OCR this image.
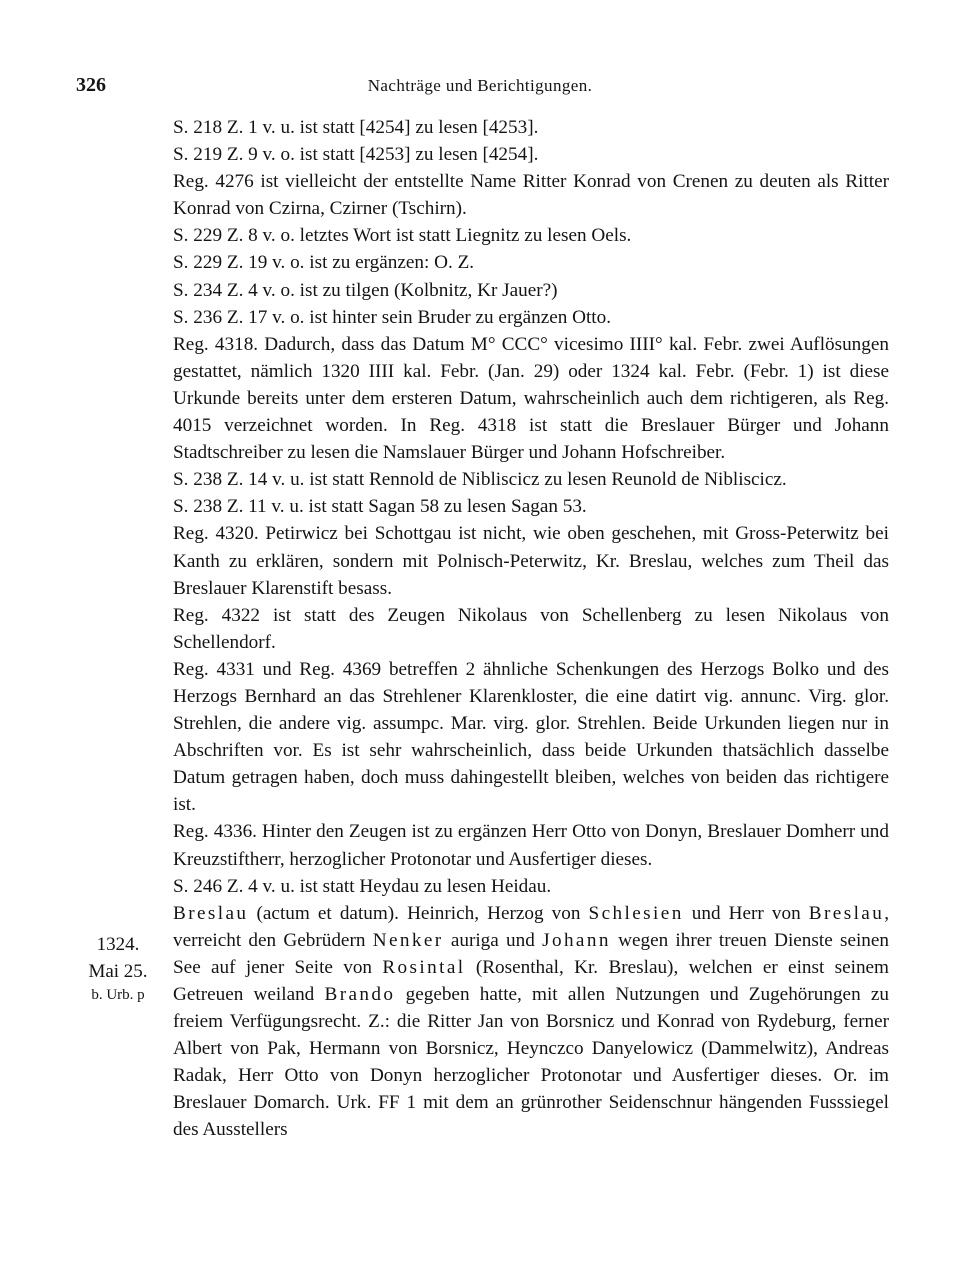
326	Nachträge und Berichtigungen.
S. 218 Z. 1 v. u. ist statt [4254] zu lesen [4253].
S. 219 Z. 9 v. o. ist statt [4253] zu lesen [4254].
Reg. 4276 ist vielleicht der entstellte Name Ritter Konrad von Crenen zu deuten als Ritter Konrad von Czirna, Czirner (Tschirn).
S. 229 Z. 8 v. o. letztes Wort ist statt Liegnitz zu lesen Oels.
S. 229 Z. 19 v. o. ist zu ergänzen: O. Z.
S. 234 Z. 4 v. o. ist zu tilgen (Kolbnitz, Kr Jauer?)
S. 236 Z. 17 v. o. ist hinter sein Bruder zu ergänzen Otto.
Reg. 4318. Dadurch, dass das Datum M° CCC° vicesimo IIII° kal. Febr. zwei Auflösungen gestattet, nämlich 1320 IIII kal. Febr. (Jan. 29) oder 1324 kal. Febr. (Febr. 1) ist diese Urkunde bereits unter dem ersteren Datum, wahrscheinlich auch dem richtigeren, als Reg. 4015 verzeichnet worden. In Reg. 4318 ist statt die Breslauer Bürger und Johann Stadtschreiber zu lesen die Namslauer Bürger und Johann Hofschreiber.
S. 238 Z. 14 v. u. ist statt Rennold de Nibliscicz zu lesen Reunold de Nibliscicz.
S. 238 Z. 11 v. u. ist statt Sagan 58 zu lesen Sagan 53.
Reg. 4320. Petirwicz bei Schottgau ist nicht, wie oben geschehen, mit Gross-Peterwitz bei Kanth zu erklären, sondern mit Polnisch-Peterwitz, Kr. Breslau, welches zum Theil das Breslauer Klarenstift besass.
Reg. 4322 ist statt des Zeugen Nikolaus von Schellenberg zu lesen Nikolaus von Schellendorf.
Reg. 4331 und Reg. 4369 betreffen 2 ähnliche Schenkungen des Herzogs Bolko und des Herzogs Bernhard an das Strehlener Klarenkloster, die eine datirt vig. annunc. Virg. glor. Strehlen, die andere vig. assumpc. Mar. virg. glor. Strehlen. Beide Urkunden liegen nur in Abschriften vor. Es ist sehr wahrscheinlich, dass beide Urkunden thatsächlich dasselbe Datum getragen haben, doch muss dahingestellt bleiben, welches von beiden das richtigere ist.
Reg. 4336. Hinter den Zeugen ist zu ergänzen Herr Otto von Donyn, Breslauer Domherr und Kreuzstiftherr, herzoglicher Protonotar und Ausfertiger dieses.
S. 246 Z. 4 v. u. ist statt Heydau zu lesen Heidau.
Breslau (actum et datum). Heinrich, Herzog von Schlesien und Herr von Breslau, verreicht den Gebrüdern Nenker auriga und Johann wegen ihrer treuen Dienste seinen See auf jener Seite von Rosintal (Rosenthal, Kr. Breslau), welchen er einst seinem Getreuen weiland Brando gegeben hatte, mit allen Nutzungen und Zugehörungen zu freiem Verfügungsrecht. Z.: die Ritter Jan von Borsnicz und Konrad von Rydeburg, ferner Albert von Pak, Hermann von Borsnicz, Heynczco Danyelowicz (Dammelwitz), Andreas Radak, Herr Otto von Donyn herzoglicher Protonotar und Ausfertiger dieses. Or. im Breslauer Domarch. Urk. FF 1 mit dem an grünrother Seidenschnur hängenden Fusssiegel des Ausstellers
1324.
Mai 25.
b. Urb. p
